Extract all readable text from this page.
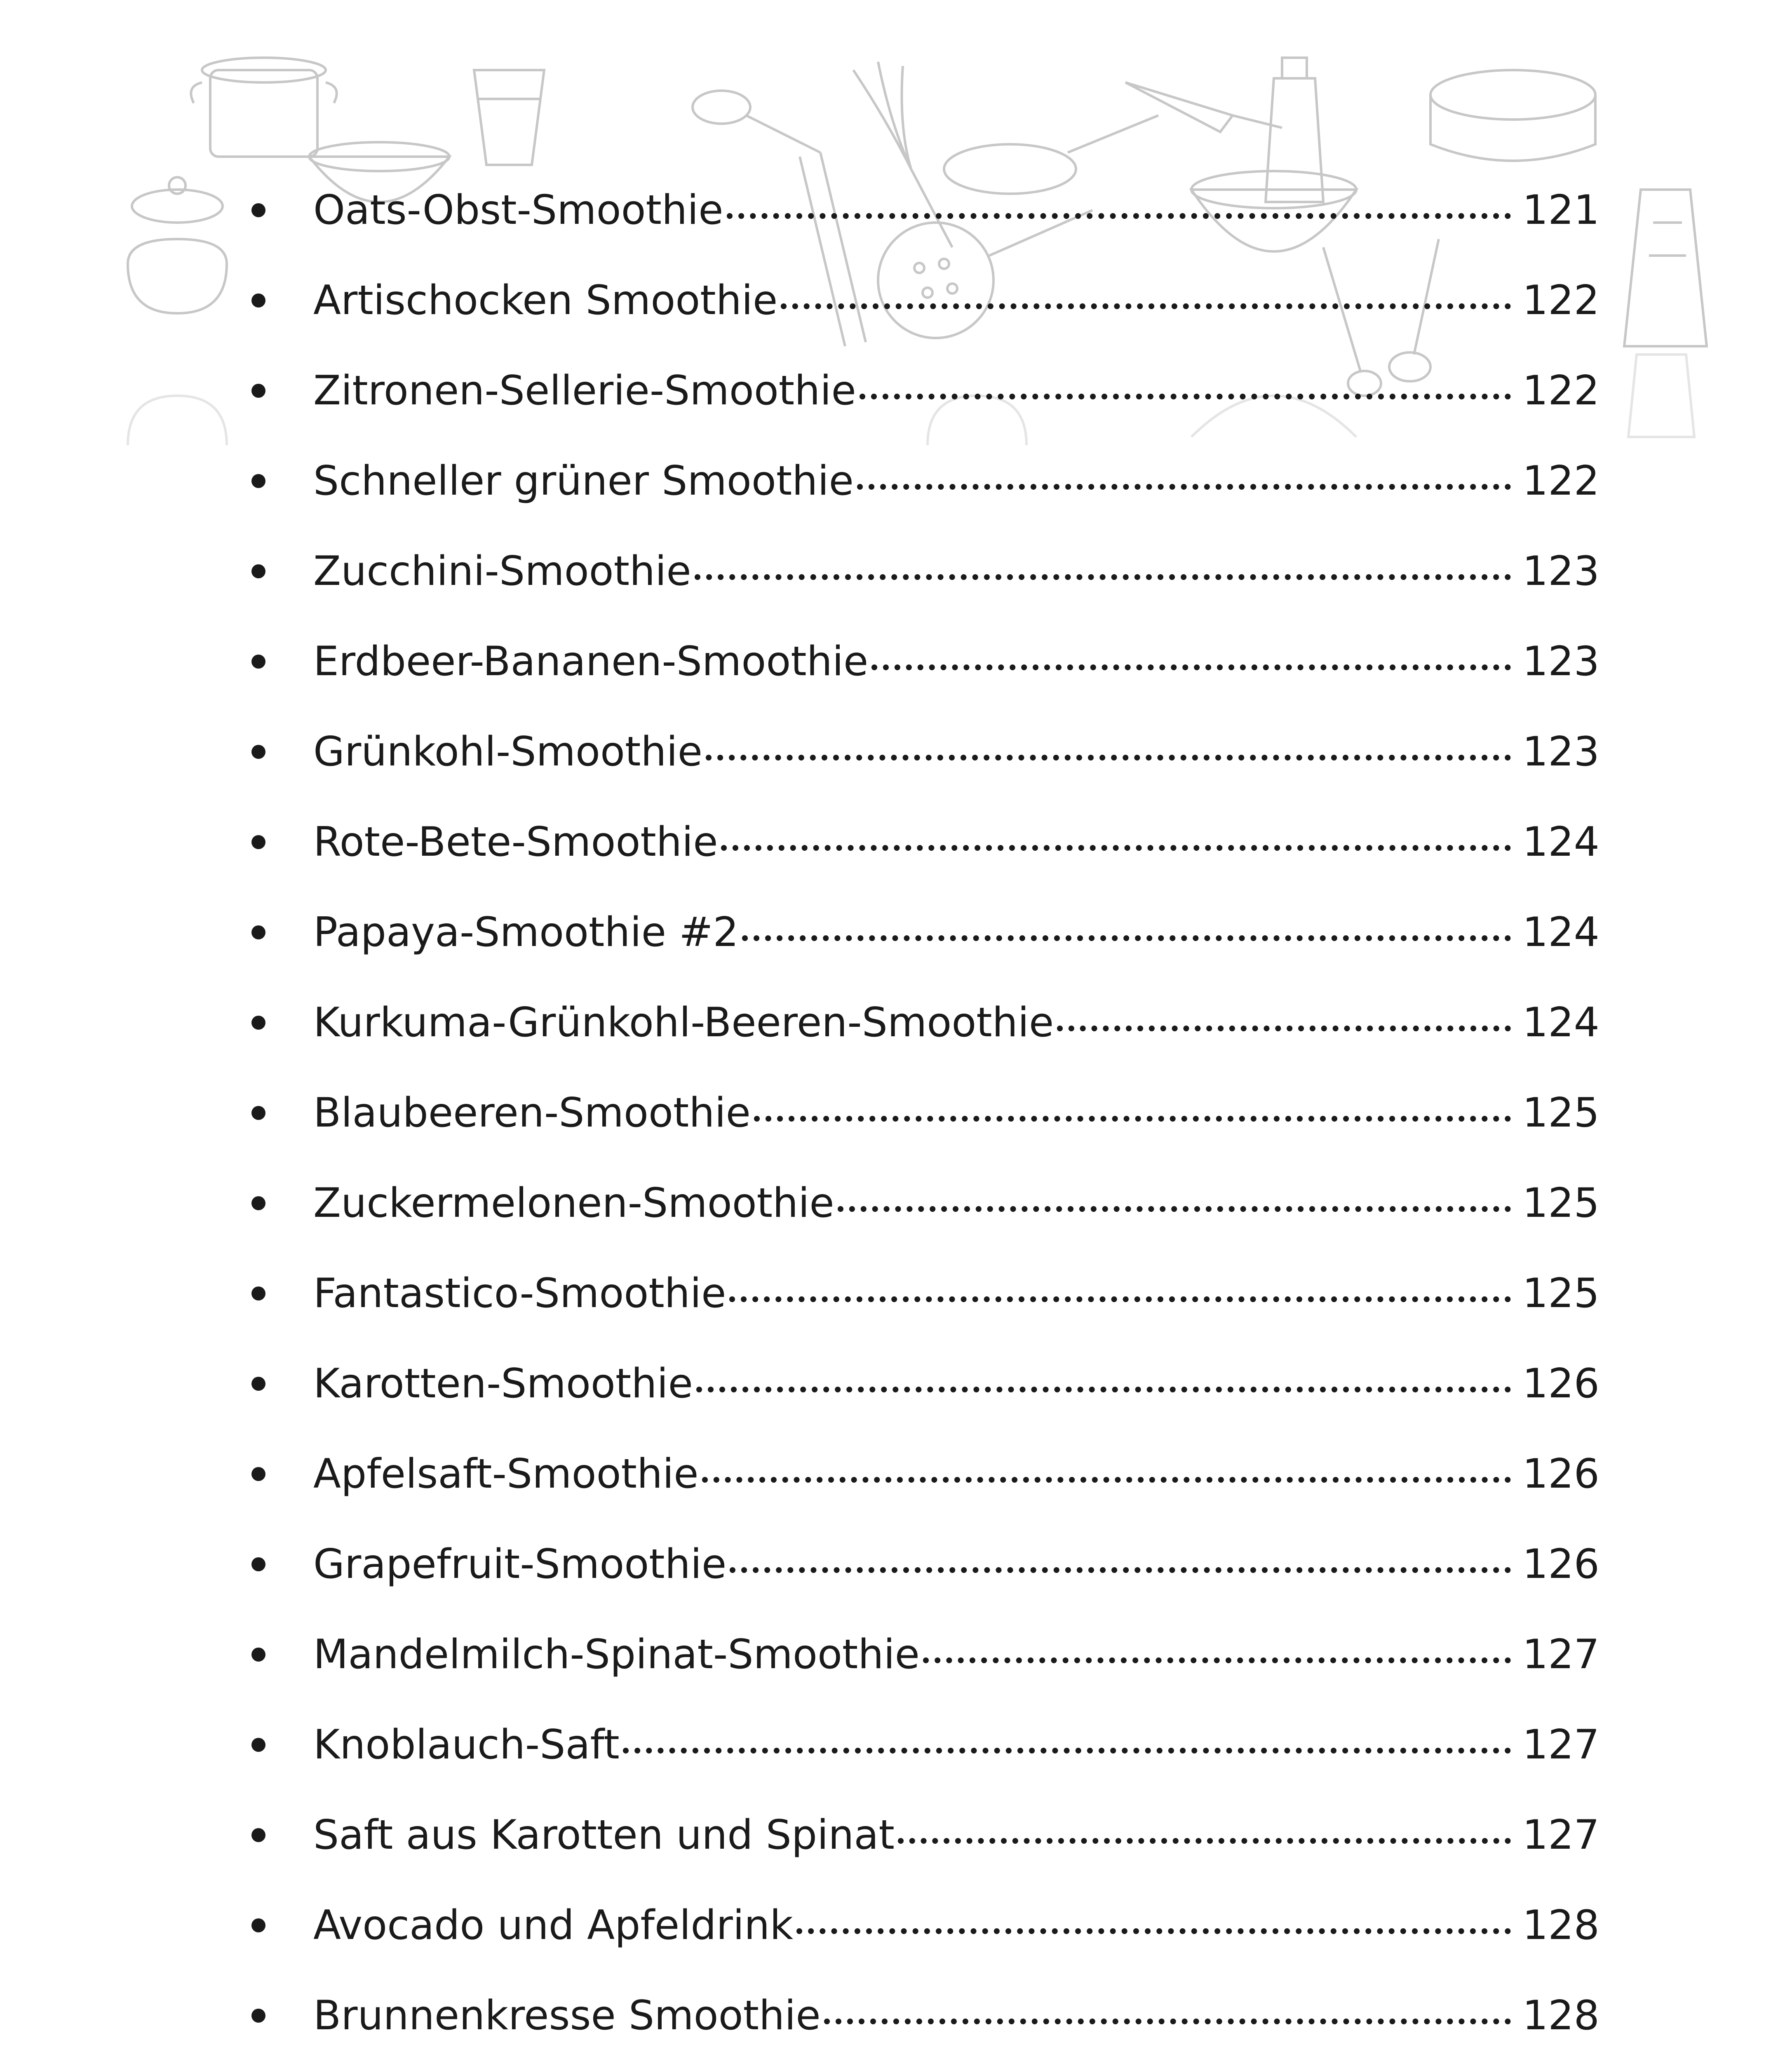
Oats-Obst-Smoothie	121
Artischocken Smoothie	122
Zitronen-Sellerie-Smoothie	122
Schneller grüner Smoothie	122
Zucchini-Smoothie	123
Erdbeer-Bananen-Smoothie	123
Grünkohl-Smoothie	123
Rote-Bete-Smoothie	124
Papaya-Smoothie #2	124
Kurkuma-Grünkohl-Beeren-Smoothie	124
Blaubeeren-Smoothie	125
Zuckermelonen-Smoothie	125
Fantastico-Smoothie	125
Karotten-Smoothie	126
Apfelsaft-Smoothie	126
Grapefruit-Smoothie	126
Mandelmilch-Spinat-Smoothie	127
Knoblauch-Saft	127
Saft aus Karotten und Spinat	127
Avocado und Apfeldrink	128
Brunnenkresse Smoothie	128
